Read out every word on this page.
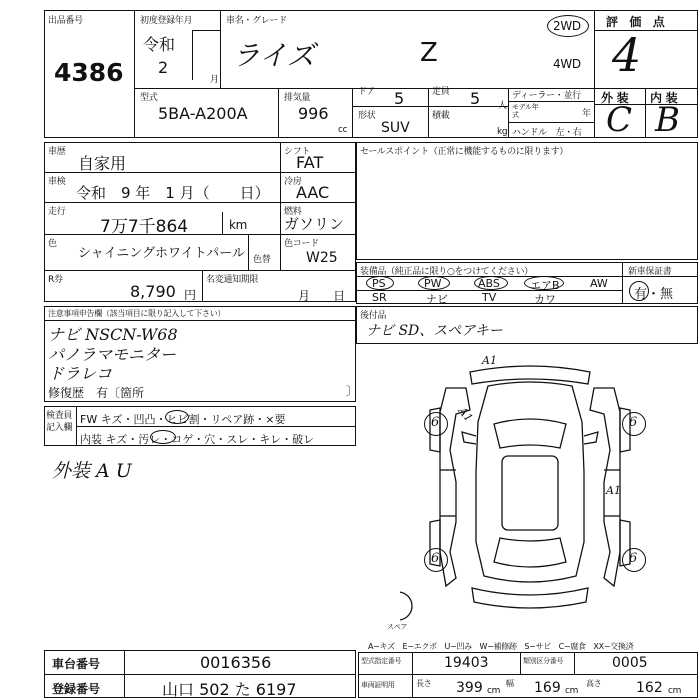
出品番号
4386
初度登録年月
令和
2
月
車名・グレード
ライズ	Z
2WD
4WD
評　価　点
4
外 装 内 装
C B
型式
5BA-A200A
排気量
996
cc
ドア 5	定員 5 人
形状
SUV
積載
kg
ディーラー・並行
モデル年式	年
ハンドル　左・右
車歴
自家用
車検
令和　9 年　1 月（　　日）
走行
7万7千864	km
色
シャイニングホワイトパール 色替
シフト
FAT
冷房
AAC
燃料
ガソリン
色コード
W25
R券
8,790 円
名変通知期限
月　　日
セールスポイント（正常に機能するものに限ります）
装備品（純正品に限り○をつけてください）	新車保証書
PS	PW	ABS	エアB	AW
SR	ナビ	TV	カワ	有・無
注意事項申告欄（該当項目に限り記入して下さい）
ナビ NSCN-W68
パノラマモニター
ドラレコ
修復歴　有〔箇所	〕
後付品
ナビ SD、スペアキー
検査員記入欄
FW キズ・凹凸・ヒビ割・リペア跡・×要
内装 キズ・汚レ・コゲ・穴・スレ・キレ・破レ
外装 A U
A1
A1
A1
6	6
6	6
スペア
A−キズ　E−エクボ　U−凹み　W−補修跡　S−サビ　C−腐食　XX−交換済
車台番号	0016356
登録番号	山口 502 た 6197
型式指定番号	19403	類別区分番号	0005
車両証明用	長さ 399 cm
幅 169 cm
高さ 162 cm
